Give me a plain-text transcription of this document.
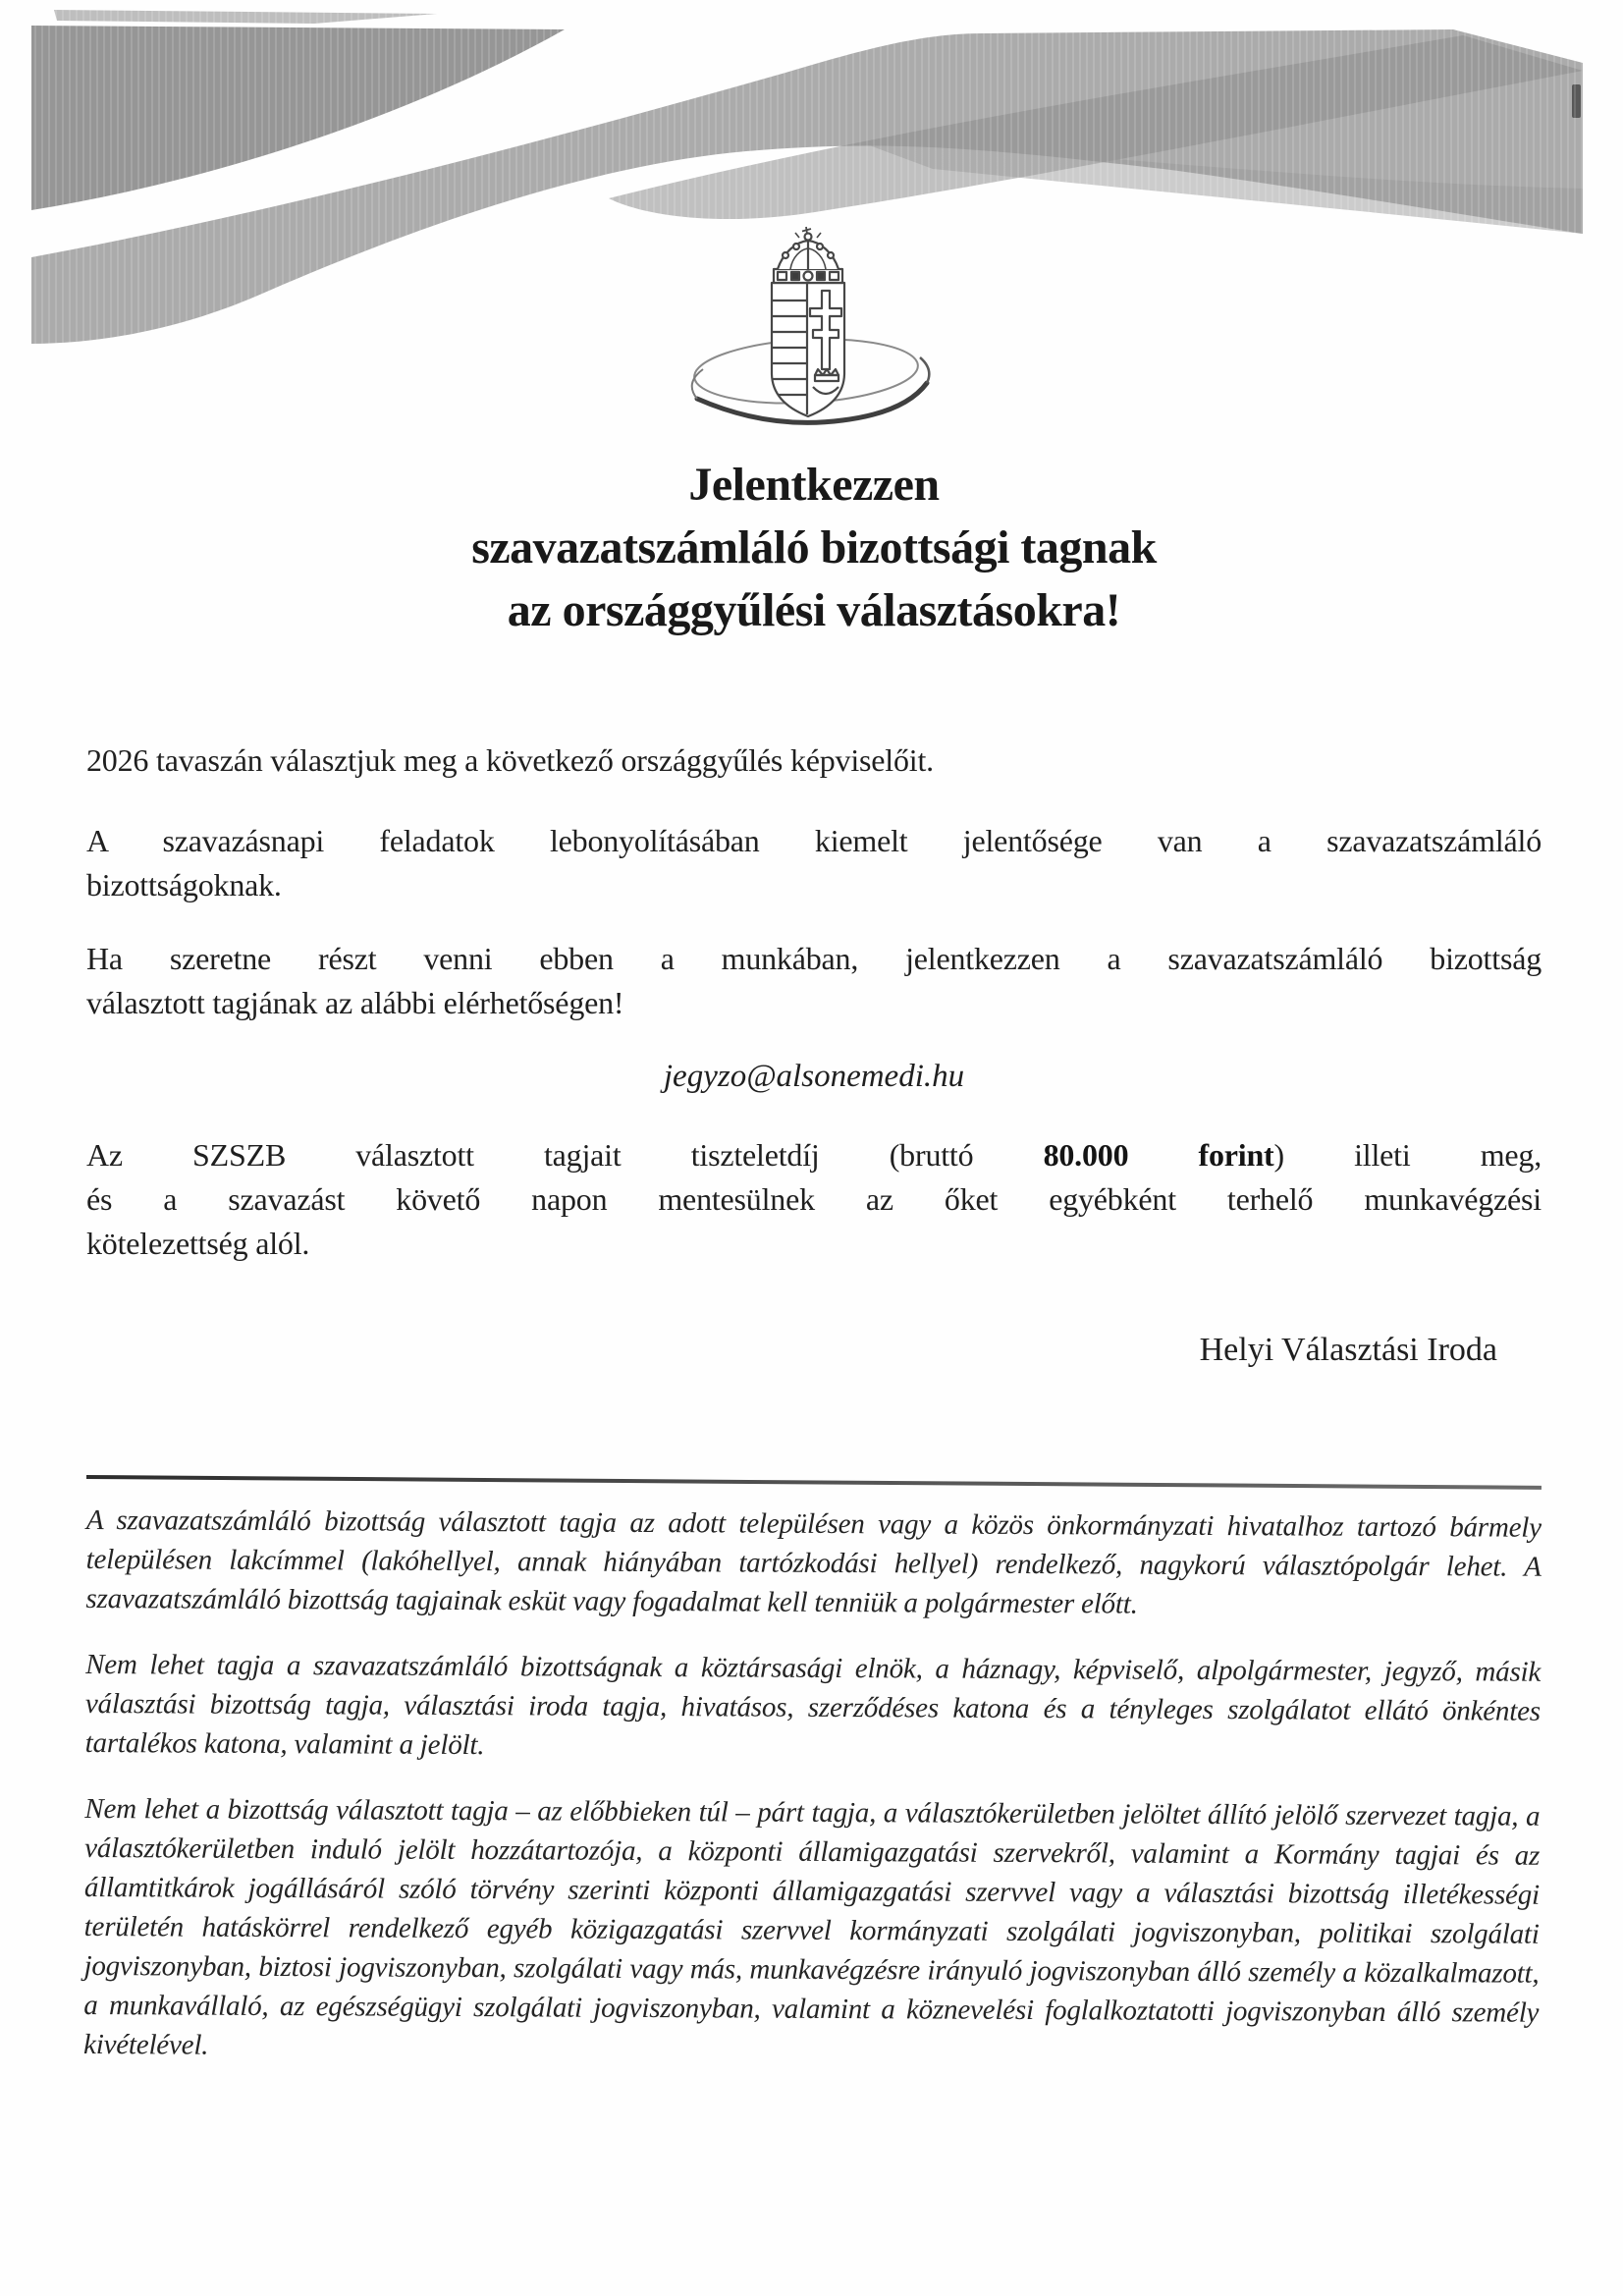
Jelentkezzen
szavazatszámláló bizottsági tagnak
az országgyűlési választásokra!
2026 tavaszán választjuk meg a következő országgyűlés képviselőit.
A szavazásnapi feladatok lebonyolításában kiemelt jelentősége van a szavazatszámláló
bizottságoknak.
Ha szeretne részt venni ebben a munkában, jelentkezzen a szavazatszámláló bizottság
választott tagjának az alábbi elérhetőségen!
jegyzo@alsonemedi.hu
Az SZSZB választott tagjait tiszteletdíj (bruttó 80.000 forint) illeti meg,
és a szavazást követő napon mentesülnek az őket egyébként terhelő munkavégzési
kötelezettség alól.
Helyi Választási Iroda

A szavazatszámláló bizottság választott tagja az adott településen vagy a közös önkormányzati hivatalhoz tartozó bármely településen lakcímmel (lakóhellyel, annak hiányában tartózkodási hellyel) rendelkező, nagykorú választópolgár lehet. A szavazatszámláló bizottság tagjainak esküt vagy fogadalmat kell tenniük a polgármester előtt.

Nem lehet tagja a szavazatszámláló bizottságnak a köztársasági elnök, a háznagy, képviselő, alpolgármester, jegyző, másik választási bizottság tagja, választási iroda tagja, hivatásos, szerződéses katona és a tényleges szolgálatot ellátó önkéntes tartalékos katona, valamint a jelölt.

Nem lehet a bizottság választott tagja – az előbbieken túl – párt tagja, a választókerületben jelöltet állító jelölő szervezet tagja, a választókerületben induló jelölt hozzátartozója, a központi államigazgatási szervekről, valamint a Kormány tagjai és az államtitkárok jogállásáról szóló törvény szerinti központi államigazgatási szervvel vagy a választási bizottság illetékességi területén hatáskörrel rendelkező egyéb közigazgatási szervvel kormányzati szolgálati jogviszonyban, politikai szolgálati jogviszonyban, biztosi jogviszonyban, szolgálati vagy más, munkavégzésre irányuló jogviszonyban álló személy a közalkalmazott, a munkavállaló, az egészségügyi szolgálati jogviszonyban, valamint a köznevelési foglalkoztatotti jogviszonyban álló személy kivételével.
